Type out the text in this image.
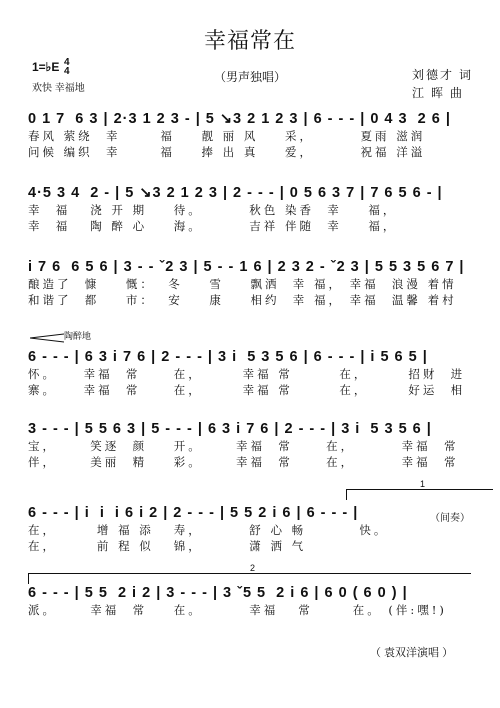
幸福常在
（男声独唱）
1=♭E 4
4
欢快 幸福地
刘德才 词
江 晖 曲
0 1 7  6 3 | 2·3 1 2 3 - | 5 ↘3 2 1 2 3 | 6 - - - | 0 4 3  2 6 |
春风 萦绕  幸      福    靓 丽 风    采，       夏雨 滋润
问候 编织  幸      福    捧 出 真    爱，       祝福 洋溢
4·5 3 4  2 - | 5 ↘3 2 1 2 3 | 2 - - - | 0 5 6 3 7 | 7 6 5 6 - |
幸  福   浇 开 期    待。       秋色 染香  幸    福，
幸  福   陶 醉 心    海。       吉祥 伴随  幸    福，
i 7 6  6 5 6 | 3 - - ˇ2 3 | 5 - - 1 6 | 2 3 2 - ˇ2 3 | 5 5 3 5 6 7 |
酿造了  慷    慨：  冬    雪    飘洒  幸 福， 幸福  浪漫 着情
和谐了  都    市：  安    康    相约  幸 福， 幸福  温馨 着村
陶醉地
6 - - - | 6 3 i 7 6 | 2 - - - | 3 i  5 3 5 6 | 6 - - - | i 5 6 5 |
怀。    幸福  常     在，      幸福 常       在，      招财  进
寨。    幸福  常     在，      幸福 常       在，      好运  相
3 - - - | 5 5 6 3 | 5 - - - | 6 3 i 7 6 | 2 - - - | 3 i  5 3 5 6 |
宝，     笑逐  颜    开。     幸福  常     在，       幸福  常
伴，     美丽  精    彩。     幸福  常     在，       幸福  常
1
6 - - - | i  i  i 6 i 2 | 2 - - - | 5 5 2 i 6 | 6 - - - |
在，      增 福 添   寿，       舒 心 畅        快。
在，      前 程 似   锦，       潇 洒 气
（间奏）
2
6 - - - | 5 5  2 i 2 | 3 - - - | 3 ˇ5 5  2 i 6 | 6 0 ( 6 0 ) |
派。     幸福  常    在。       幸福   常      在。 (伴:嘿!)
（ 袁双洋演唱 ）
